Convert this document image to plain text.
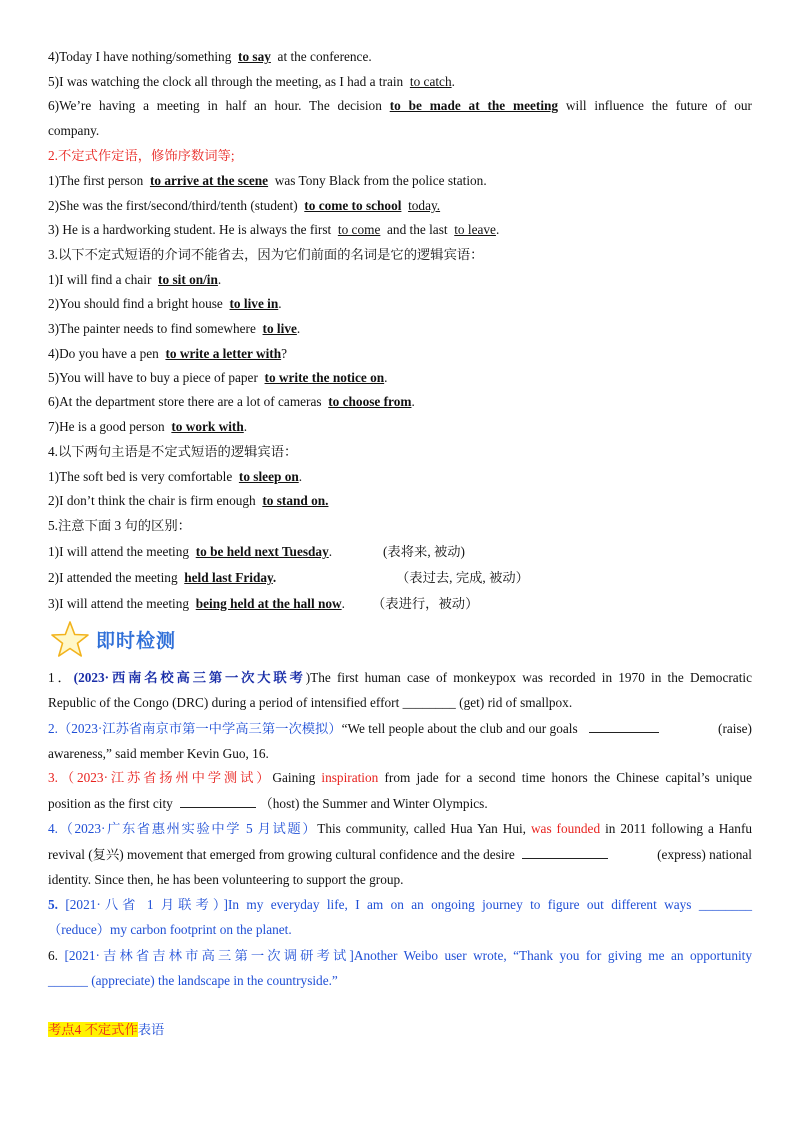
4)Today I have nothing/something to say at the conference.
5)I was watching the clock all through the meeting, as I had a train to catch.
6)We’re having a meeting in half an hour. The decision to be made at the meeting will influence the future of our
company.
2.不定式作定语，修饰序数词等;
1)The first person to arrive at the scene was Tony Black from the police station.
2)She was the first/second/third/tenth (student) to come to school today.
3) He is a hardworking student. He is always the first to come and the last to leave.
3.以下不定式短语的介词不能省去，因为它们前面的名词是它的逻辑宾语：
1)I will find a chair to sit on/in.
2)You should find a bright house to live in.
3)The painter needs to find somewhere to live.
4)Do you have a pen to write a letter with?
5)You will have to buy a piece of paper to write the notice on.
6)At the department store there are a lot of cameras to choose from.
7)He is a good person to work with.
4.以下两句主语是不定式短语的逻辑宾语：
1)The soft bed is very comfortable to sleep on.
2)I don’t think the chair is firm enough to stand on.
5.注意下面 3 句的区别：
1)I will attend the meeting to be held next Tuesday.	(表将来, 被动)
2)I attended the meeting held last Friday.	（表过去, 完成, 被动）
3)I will attend the meeting being held at the hall now. （表进行，被动）
即时检测
1．(2023·西南名校高三第一次大联考)The first human case of monkeypox was recorded in 1970 in the Democratic
Republic of the Congo (DRC) during a period of intensified effort ________ (get) rid of smallpox.
2.（2023·江苏省南京市第一中学高三第一次模拟）“We tell people about the club and our goals	(raise)
awareness,” said member Kevin Guo, 16.
3.（2023·江苏省扬州中学测试）Gaining inspiration from jade for a second time honors the Chinese capital’s unique
position as the first city	（host) the Summer and Winter Olympics.
4.（2023·广东省惠州实验中学 5 月试题）This community, called Hua Yan Hui, was founded in 2011 following a Hanfu
revival (复兴) movement that emerged from growing cultural confidence and the desire	(express) national
identity. Since then, he has been volunteering to support the group.
5. [2021·八省 1 月联考）]In my everyday life, I am on an ongoing journey to figure out different ways ________
（reduce）my carbon footprint on the planet.
6. [2021·吉林省吉林市高三第一次调研考试]Another Weibo user wrote, “Thank you for giving me an opportunity
______ (appreciate) the landscape in the countryside.”
考点4 不定式作表语
